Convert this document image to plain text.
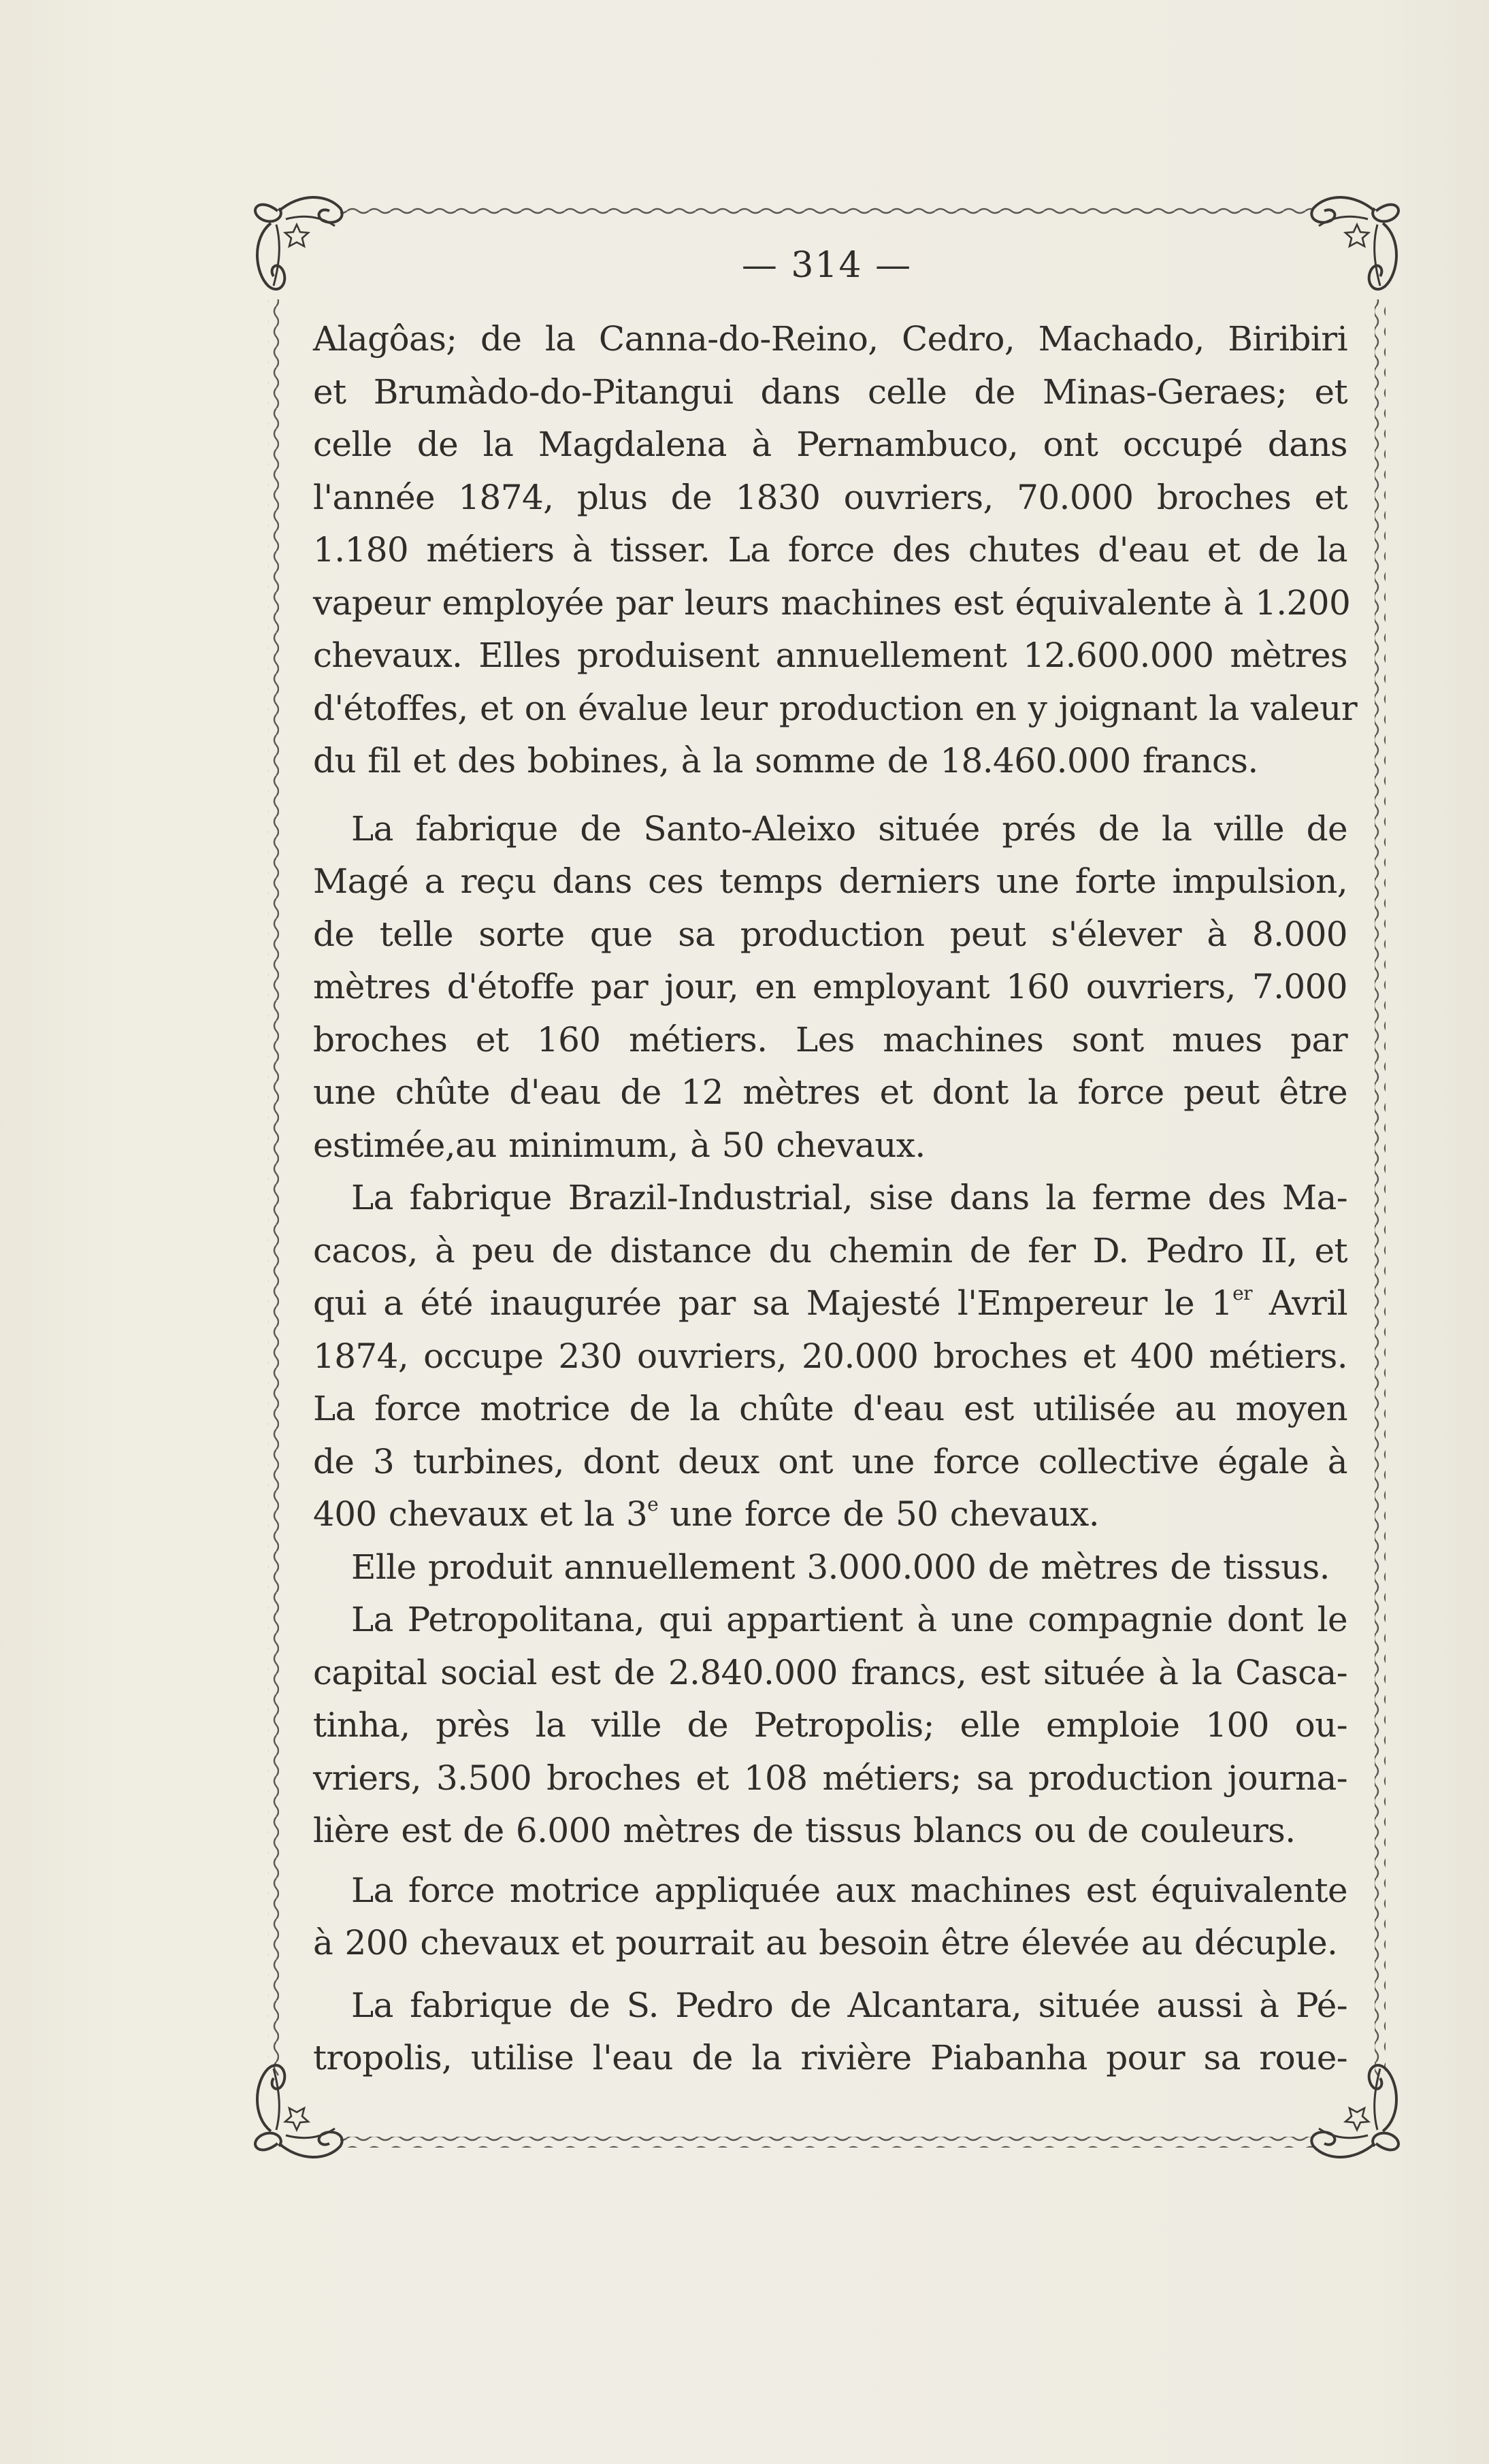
— 314 —
Alagôas; de la Canna-do-Reino, Cedro, Machado, Biribiri
et Brumàdo-do-Pitangui dans celle de Minas-Geraes; et
celle de la Magdalena à Pernambuco, ont occupé dans
l'année 1874, plus de 1830 ouvriers, 70.000 broches et
1.180 métiers à tisser. La force des chutes d'eau et de la
vapeur employée par leurs machines est équivalente à 1.200
chevaux. Elles produisent annuellement 12.600.000 mètres
d'étoffes, et on évalue leur production en y joignant la valeur
du fil et des bobines, à la somme de 18.460.000 francs.
La fabrique de Santo-Aleixo située prés de la ville de
Magé a reçu dans ces temps derniers une forte impulsion,
de telle sorte que sa production peut s'élever à 8.000
mètres d'étoffe par jour, en employant 160 ouvriers, 7.000
broches et 160 métiers. Les machines sont mues par
une chûte d'eau de 12 mètres et dont la force peut être
estimée,au minimum, à 50 chevaux.
La fabrique Brazil-Industrial, sise dans la ferme des Ma-
cacos, à peu de distance du chemin de fer D. Pedro II, et
qui a été inaugurée par sa Majesté l'Empereur le 1er Avril
1874, occupe 230 ouvriers, 20.000 broches et 400 métiers.
La force motrice de la chûte d'eau est utilisée au moyen
de 3 turbines, dont deux ont une force collective égale à
400 chevaux et la 3e une force de 50 chevaux.
Elle produit annuellement 3.000.000 de mètres de tissus.
La Petropolitana, qui appartient à une compagnie dont le
capital social est de 2.840.000 francs, est située à la Casca-
tinha, près la ville de Petropolis; elle emploie 100 ou-
vriers, 3.500 broches et 108 métiers; sa production journa-
lière est de 6.000 mètres de tissus blancs ou de couleurs.
La force motrice appliquée aux machines est équivalente
à 200 chevaux et pourrait au besoin être élevée au décuple.
La fabrique de S. Pedro de Alcantara, située aussi à Pé-
tropolis, utilise l'eau de la rivière Piabanha pour sa roue-
